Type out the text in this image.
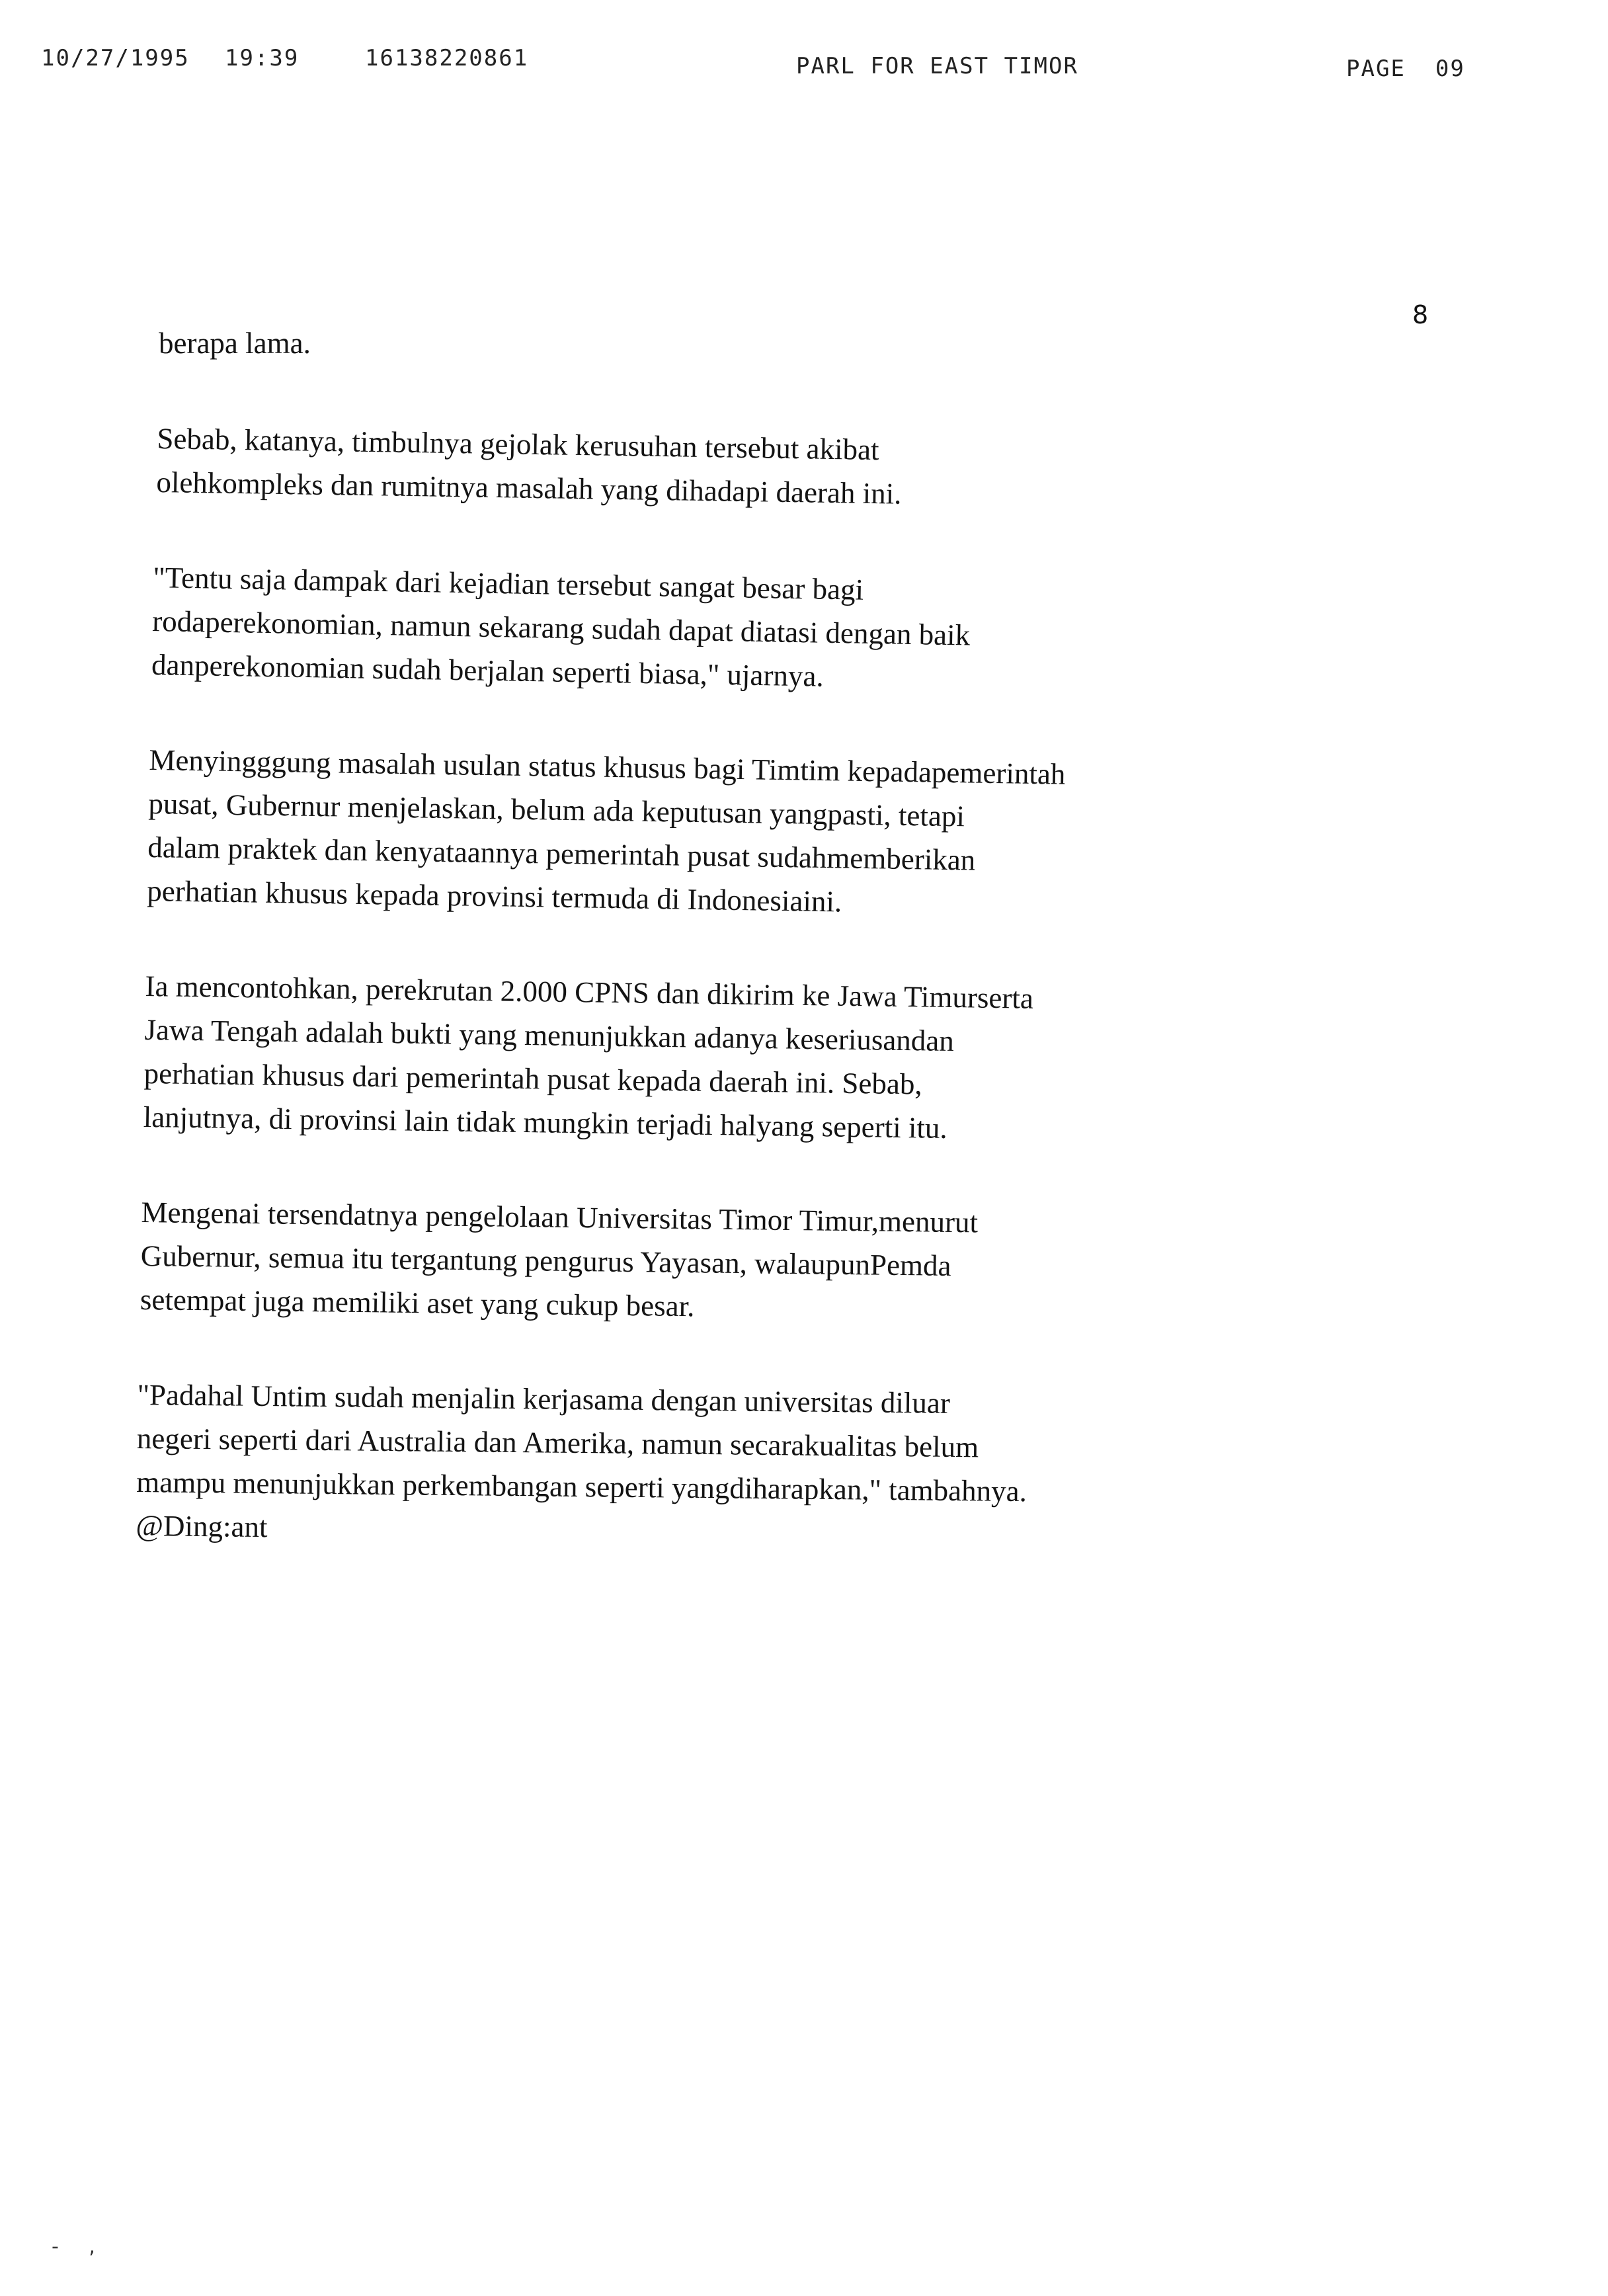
10/27/1995 19:39	16138220861	PARL FOR EAST TIMOR	PAGE 09
8

berapa lama.

Sebab, katanya, timbulnya gejolak kerusuhan tersebut akibat
olehkompleks dan rumitnya masalah yang dihadapi daerah ini.

"Tentu saja dampak dari kejadian tersebut sangat besar bagi
rodaperekonomian, namun sekarang sudah dapat diatasi dengan baik
danperekonomian sudah berjalan seperti biasa," ujarnya.

Menyingggung masalah usulan status khusus bagi Timtim kepadapemerintah
pusat, Gubernur menjelaskan, belum ada keputusan yangpasti, tetapi
dalam praktek dan kenyataannya pemerintah pusat sudahmemberikan
perhatian khusus kepada provinsi termuda di Indonesiaini.

Ia mencontohkan, perekrutan 2.000 CPNS dan dikirim ke Jawa Timurserta
Jawa Tengah adalah bukti yang menunjukkan adanya keseriusandan
perhatian khusus dari pemerintah pusat kepada daerah ini. Sebab,
lanjutnya, di provinsi lain tidak mungkin terjadi halyang seperti itu.

Mengenai tersendatnya pengelolaan Universitas Timor Timur,menurut
Gubernur, semua itu tergantung pengurus Yayasan, walaupunPemda
setempat juga memiliki aset yang cukup besar.

"Padahal Untim sudah menjalin kerjasama dengan universitas diluar
negeri seperti dari Australia dan Amerika, namun secarakualitas belum
mampu menunjukkan perkembangan seperti yangdiharapkan," tambahnya.
@Ding:ant

- ,
